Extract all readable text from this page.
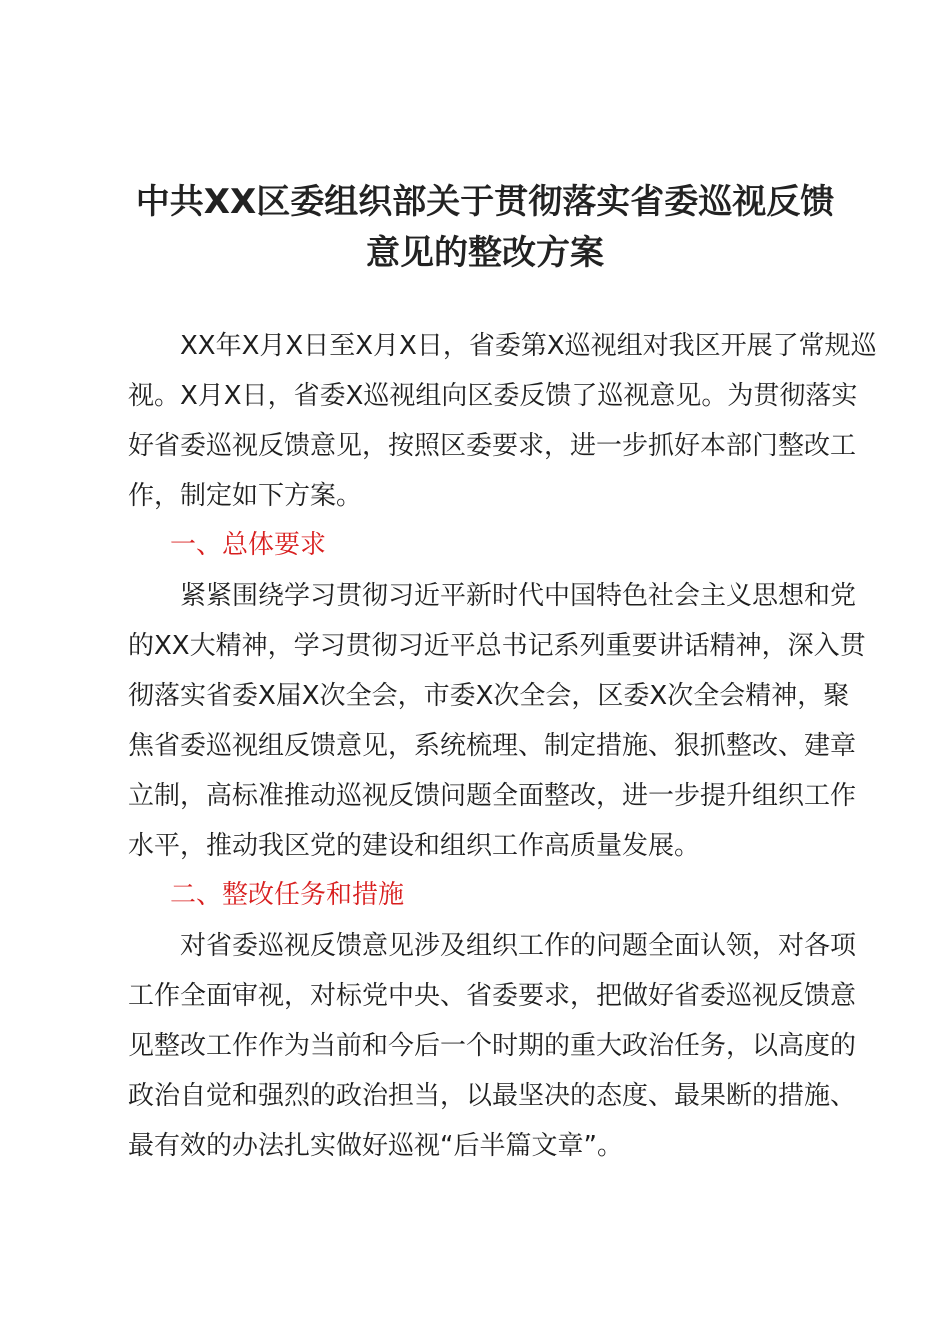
中共XX区委组织部关于贯彻落实省委巡视反馈
意见的整改方案
XX年X月X日至X月X日，省委第X巡视组对我区开展了常规巡
视。X月X日，省委X巡视组向区委反馈了巡视意见。为贯彻落实
好省委巡视反馈意见，按照区委要求，进一步抓好本部门整改工
作，制定如下方案。
一、总体要求
紧紧围绕学习贯彻习近平新时代中国特色社会主义思想和党
的XX大精神，学习贯彻习近平总书记系列重要讲话精神，深入贯
彻落实省委X届X次全会，市委X次全会，区委X次全会精神，聚
焦省委巡视组反馈意见，系统梳理、制定措施、狠抓整改、建章
立制，高标准推动巡视反馈问题全面整改，进一步提升组织工作
水平，推动我区党的建设和组织工作高质量发展。
二、整改任务和措施
对省委巡视反馈意见涉及组织工作的问题全面认领，对各项
工作全面审视，对标党中央、省委要求，把做好省委巡视反馈意
见整改工作作为当前和今后一个时期的重大政治任务，以高度的
政治自觉和强烈的政治担当，以最坚决的态度、最果断的措施、
最有效的办法扎实做好巡视“后半篇文章”。
